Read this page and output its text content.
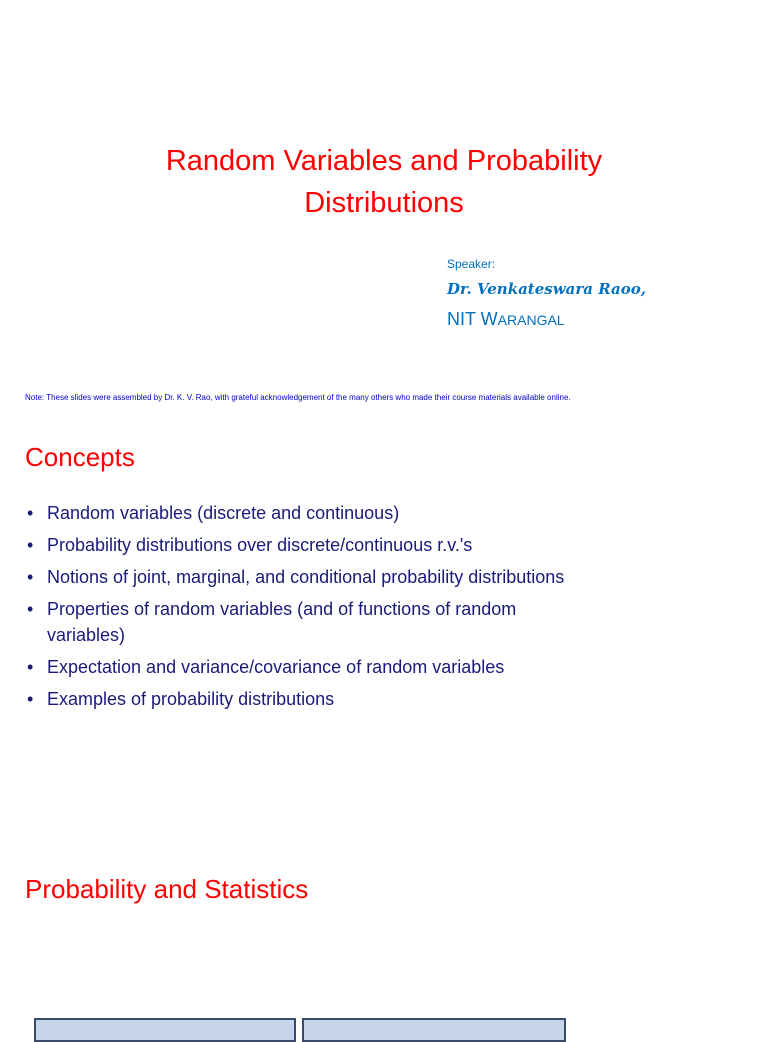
Random Variables and Probability
Distributions
Speaker:
Dr. Venkateswara Raoo,
NIT WARANGAL
Note: These slides were assembled by Dr. K. V. Rao, with grateful acknowledgement of the many others who made their course materials available online.
Concepts
• Random variables (discrete and continuous)
• Probability distributions over discrete/continuous r.v.'s
• Notions of joint, marginal, and conditional probability distributions
• Properties of random variables (and of functions of random variables)
• Expectation and variance/covariance of random variables
• Examples of probability distributions
Probability and Statistics
